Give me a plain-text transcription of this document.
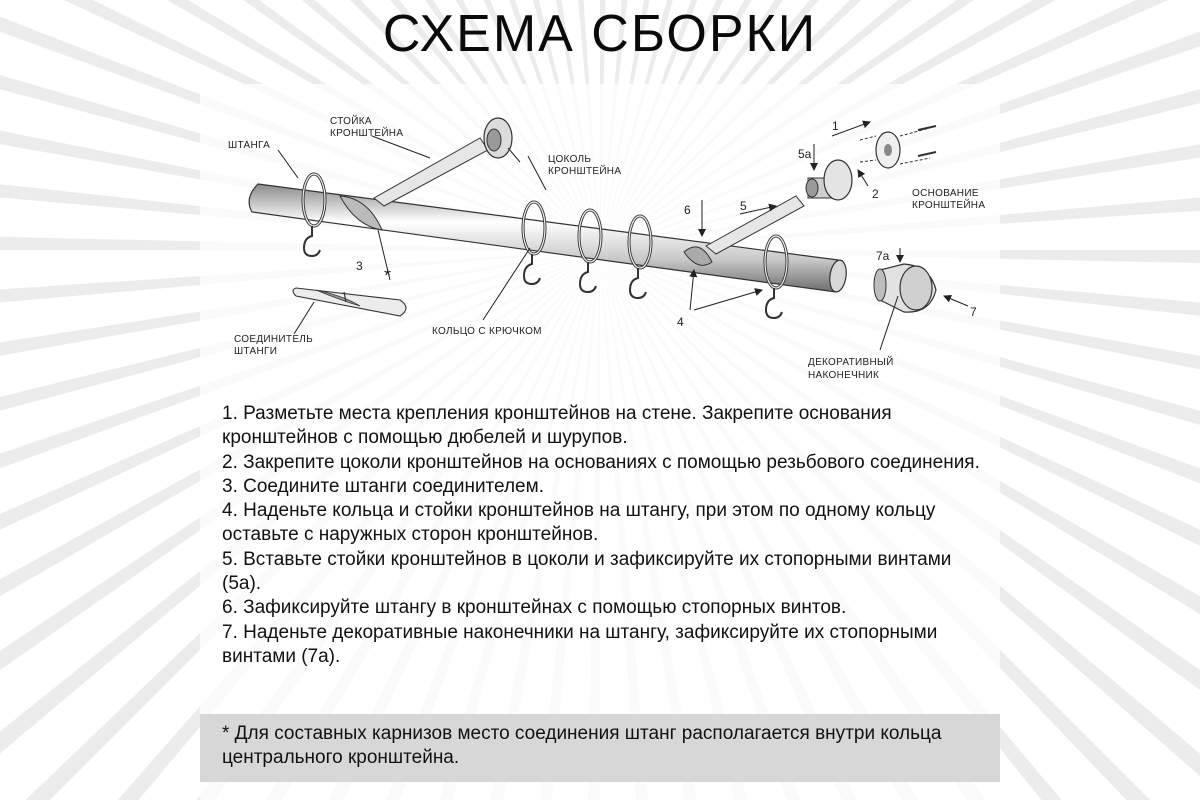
СХЕМА СБОРКИ
ШТАНГА
СТОЙКА
КРОНШТЕЙНА
ЦОКОЛЬ
КРОНШТЕЙНА
ОСНОВАНИЕ
КРОНШТЕЙНА
СОЕДИНИТЕЛЬ
ШТАНГИ
КОЛЬЦО С КРЮЧКОМ
ДЕКОРАТИВНЫЙ
НАКОНЕЧНИК
1
2
3 *
4
5
5а
6
7
7а

1. Разметьте места крепления кронштейнов на стене. Закрепите основания кронштейнов с помощью дюбелей и шурупов.

2. Закрепите цоколи кронштейнов на основаниях с помощью резьбового соединения.

3. Соедините штанги соединителем.

4. Наденьте кольца и стойки кронштейнов на штангу, при этом по одному кольцу оставьте с наружных сторон кронштейнов.

5. Вставьте стойки кронштейнов в цоколи и зафиксируйте их стопорными винтами (5а).

6. Зафиксируйте штангу в кронштейнах с помощью стопорных винтов.

7. Наденьте декоративные наконечники на штангу, зафиксируйте их стопорными винтами (7а).

* Для составных карнизов место соединения штанг располагается внутри кольца центрального кронштейна.
